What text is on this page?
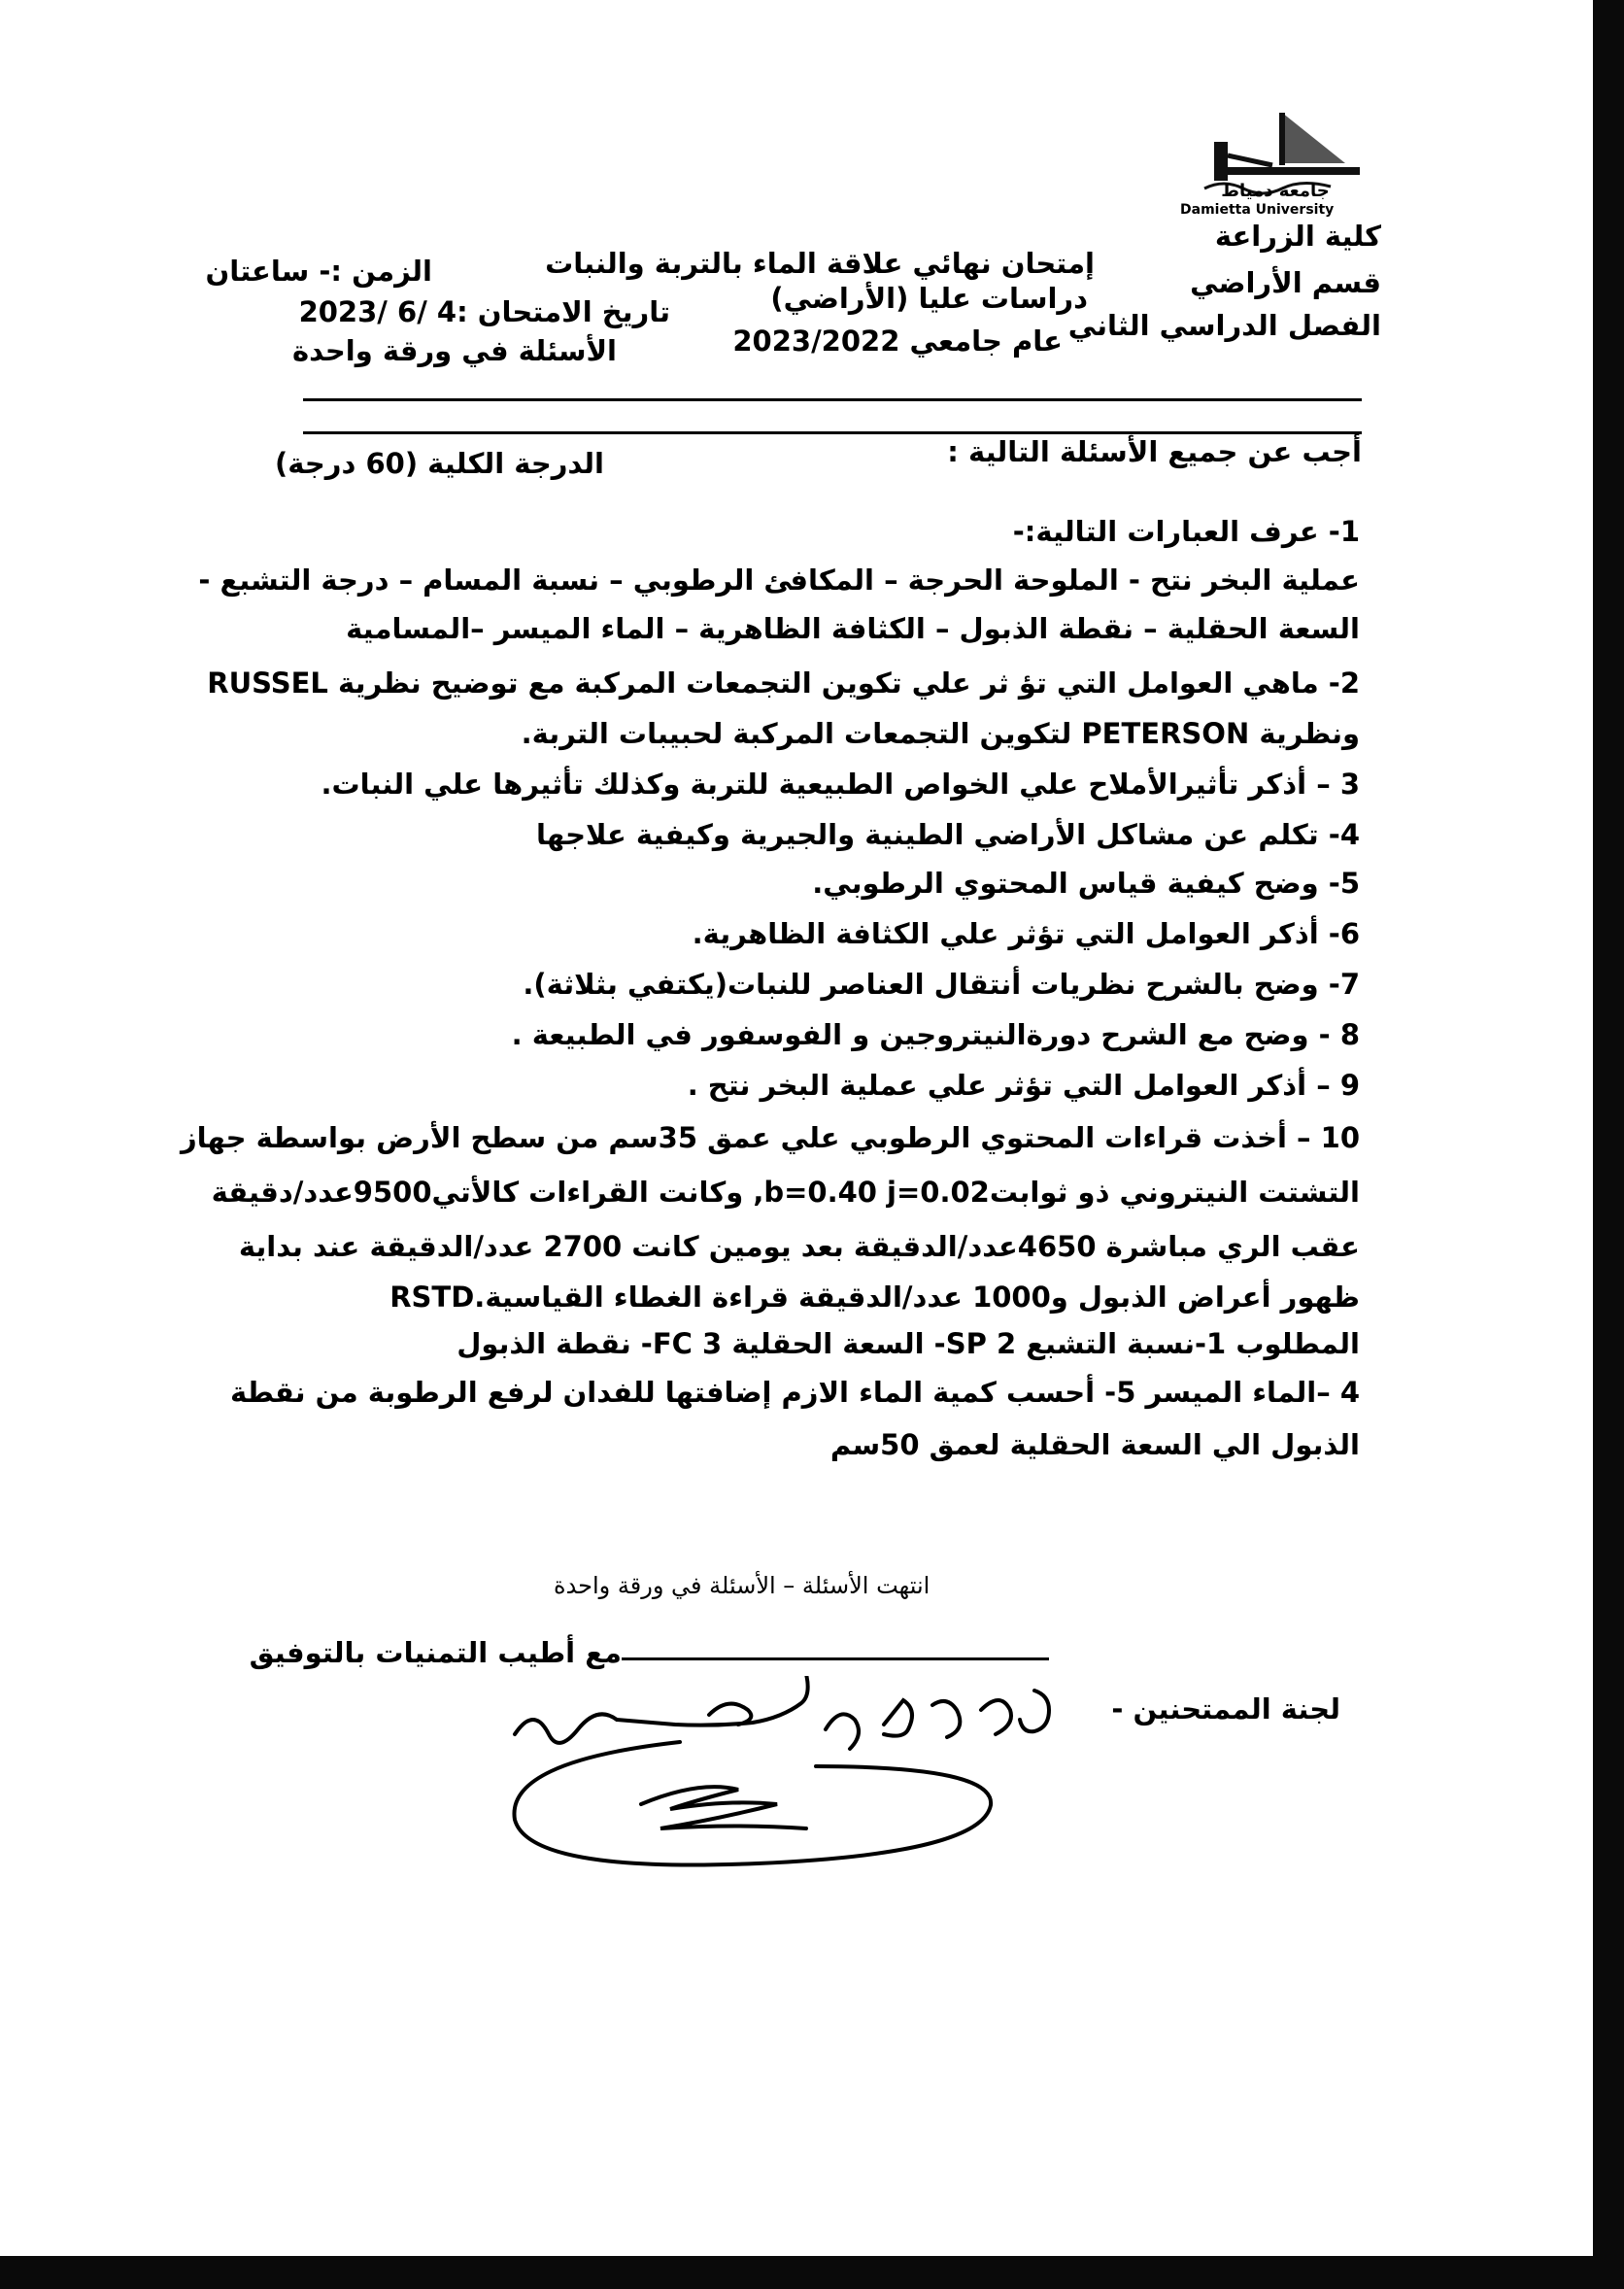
جامعة دمياط
Damietta University
كلية الزراعة
قسم الأراضي
الفصل الدراسي الثاني
إمتحان نهائي علاقة الماء بالتربة والنبات
دراسات عليا (الأراضي)
عام جامعي 2023/2022
الزمن :- ساعتان
تاريخ الامتحان :4 /6 /2023
الأسئلة في ورقة واحدة
أجب عن جميع الأسئلة التالية :
الدرجة الكلية (60 درجة)
1- عرف العبارات التالية:-
عملية البخر نتح - الملوحة الحرجة – المكافئ الرطوبي – نسبة المسام – درجة التشبع -
السعة الحقلية – نقطة الذبول – الكثافة الظاهرية – الماء الميسر –المسامية
2- ماهي العوامل التي تؤ ثر علي تكوين التجمعات المركبة مع توضيح نظرية RUSSEL
ونظرية PETERSON لتكوين التجمعات المركبة لحبيبات التربة.
3 – أذكر تأثيرالأملاح علي الخواص الطبيعية للتربة وكذلك تأثيرها علي النبات.
4- تكلم عن مشاكل الأراضي الطينية والجيرية وكيفية علاجها
5- وضح كيفية قياس المحتوي الرطوبي.
6- أذكر العوامل التي تؤثر علي الكثافة الظاهرية.
7- وضح بالشرح نظريات أنتقال العناصر للنبات(يكتفي بثلاثة).
8 - وضح مع الشرح دورةالنيتروجين و الفوسفور في الطبيعة .
9 – أذكر العوامل التي تؤثر علي عملية البخر نتح .
10 – أخذت قراءات المحتوي الرطوبي علي عمق 35سم من سطح الأرض بواسطة جهاز
التشتت النيتروني ذو ثوابتb=0.40 j=0.02, وكانت القراءات كالأتي9500عدد/دقيقة
عقب الري مباشرة 4650عدد/الدقيقة بعد يومين كانت 2700 عدد/الدقيقة عند بداية
ظهور أعراض الذبول و1000 عدد/الدقيقة قراءة الغطاء القياسية.RSTD
المطلوب 1-نسبة التشبع SP 2- السعة الحقلية FC 3- نقطة الذبول
4 –الماء الميسر 5- أحسب كمية الماء الازم إضافتها للفدان لرفع الرطوبة من نقطة
الذبول الي السعة الحقلية لعمق 50سم
انتهت الأسئلة – الأسئلة في ورقة واحدة
مع أطيب التمنيات بالتوفيق
لجنة الممتحنين -
